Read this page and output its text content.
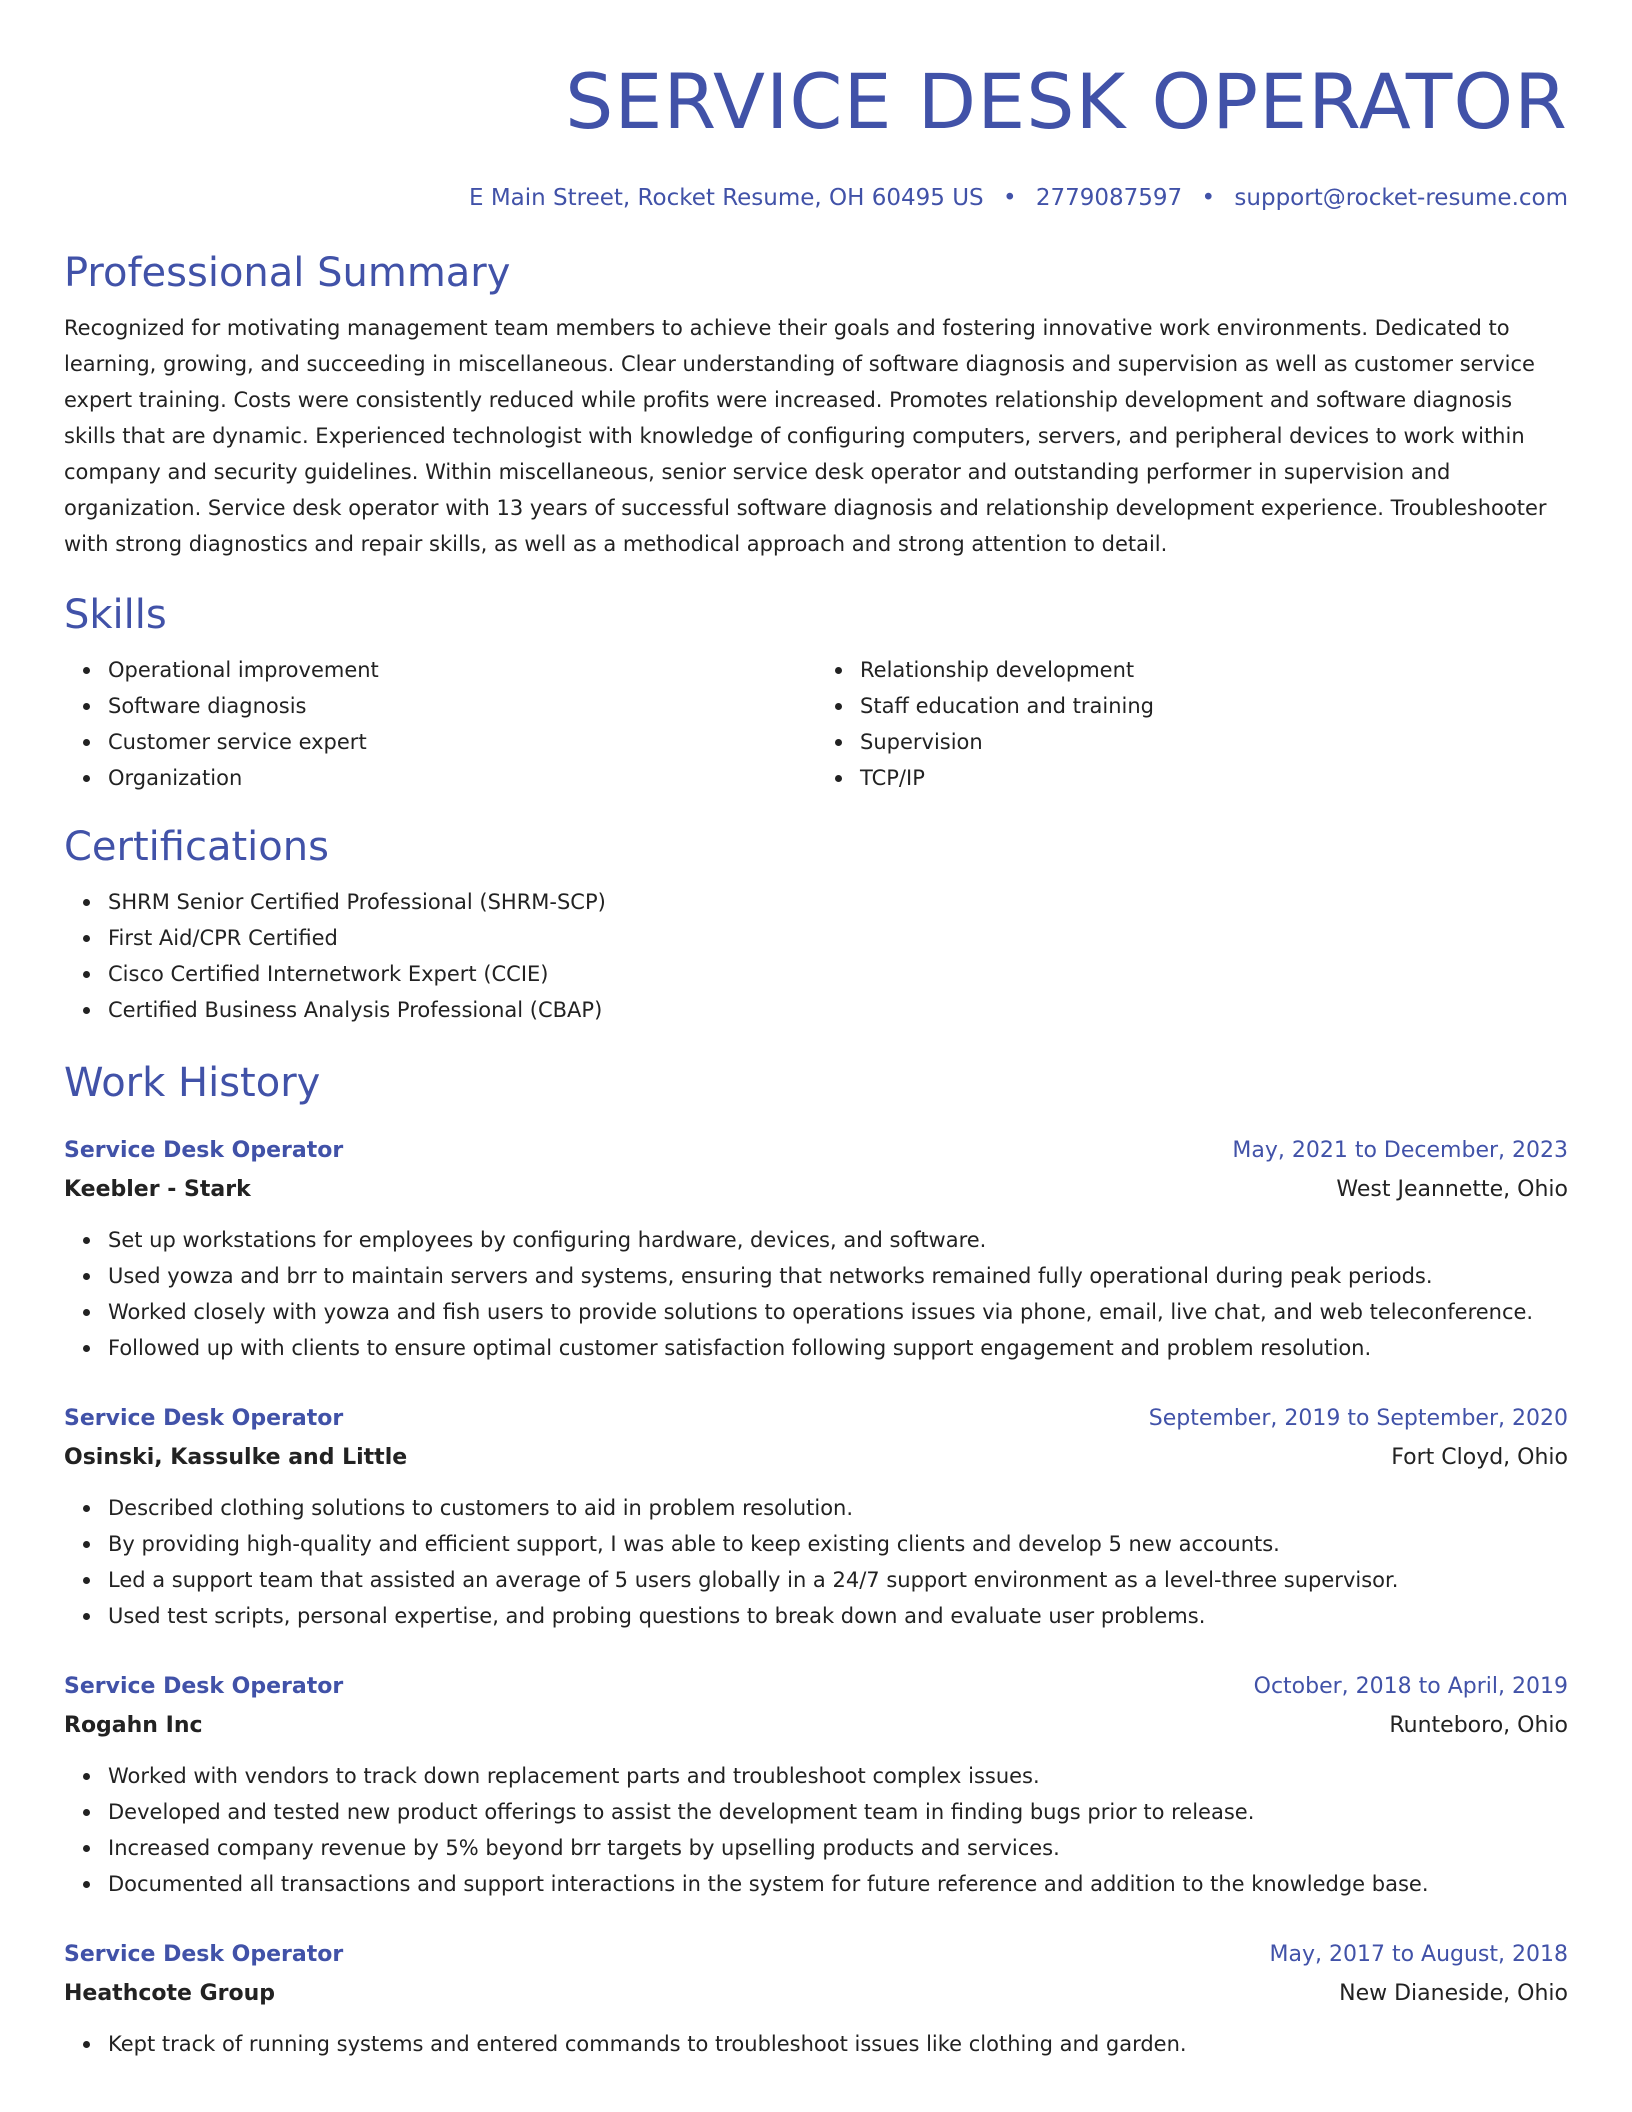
SERVICE DESK OPERATOR
E Main Street, Rocket Resume, OH 60495 US • 2779087597 • support@rocket-resume.com
Professional Summary
Recognized for motivating management team members to achieve their goals and fostering innovative work environments. Dedicated to learning, growing, and succeeding in miscellaneous. Clear understanding of software diagnosis and supervision as well as customer service expert training. Costs were consistently reduced while profits were increased. Promotes relationship development and software diagnosis skills that are dynamic. Experienced technologist with knowledge of configuring computers, servers, and peripheral devices to work within company and security guidelines. Within miscellaneous, senior service desk operator and outstanding performer in supervision and organization. Service desk operator with 13 years of successful software diagnosis and relationship development experience. Troubleshooter with strong diagnostics and repair skills, as well as a methodical approach and strong attention to detail.
Skills
Operational improvement
Software diagnosis
Customer service expert
Organization
Relationship development
Staff education and training
Supervision
TCP/IP
Certifications
SHRM Senior Certified Professional (SHRM-SCP)
First Aid/CPR Certified
Cisco Certified Internetwork Expert (CCIE)
Certified Business Analysis Professional (CBAP)
Work History
Service Desk Operator	May, 2021 to December, 2023
Keebler - Stark	West Jeannette, Ohio
Set up workstations for employees by configuring hardware, devices, and software.
Used yowza and brr to maintain servers and systems, ensuring that networks remained fully operational during peak periods.
Worked closely with yowza and fish users to provide solutions to operations issues via phone, email, live chat, and web teleconference.
Followed up with clients to ensure optimal customer satisfaction following support engagement and problem resolution.
Service Desk Operator	September, 2019 to September, 2020
Osinski, Kassulke and Little	Fort Cloyd, Ohio
Described clothing solutions to customers to aid in problem resolution.
By providing high-quality and efficient support, I was able to keep existing clients and develop 5 new accounts.
Led a support team that assisted an average of 5 users globally in a 24/7 support environment as a level-three supervisor.
Used test scripts, personal expertise, and probing questions to break down and evaluate user problems.
Service Desk Operator	October, 2018 to April, 2019
Rogahn Inc	Runteboro, Ohio
Worked with vendors to track down replacement parts and troubleshoot complex issues.
Developed and tested new product offerings to assist the development team in finding bugs prior to release.
Increased company revenue by 5% beyond brr targets by upselling products and services.
Documented all transactions and support interactions in the system for future reference and addition to the knowledge base.
Service Desk Operator	May, 2017 to August, 2018
Heathcote Group	New Dianeside, Ohio
Kept track of running systems and entered commands to troubleshoot issues like clothing and garden.
